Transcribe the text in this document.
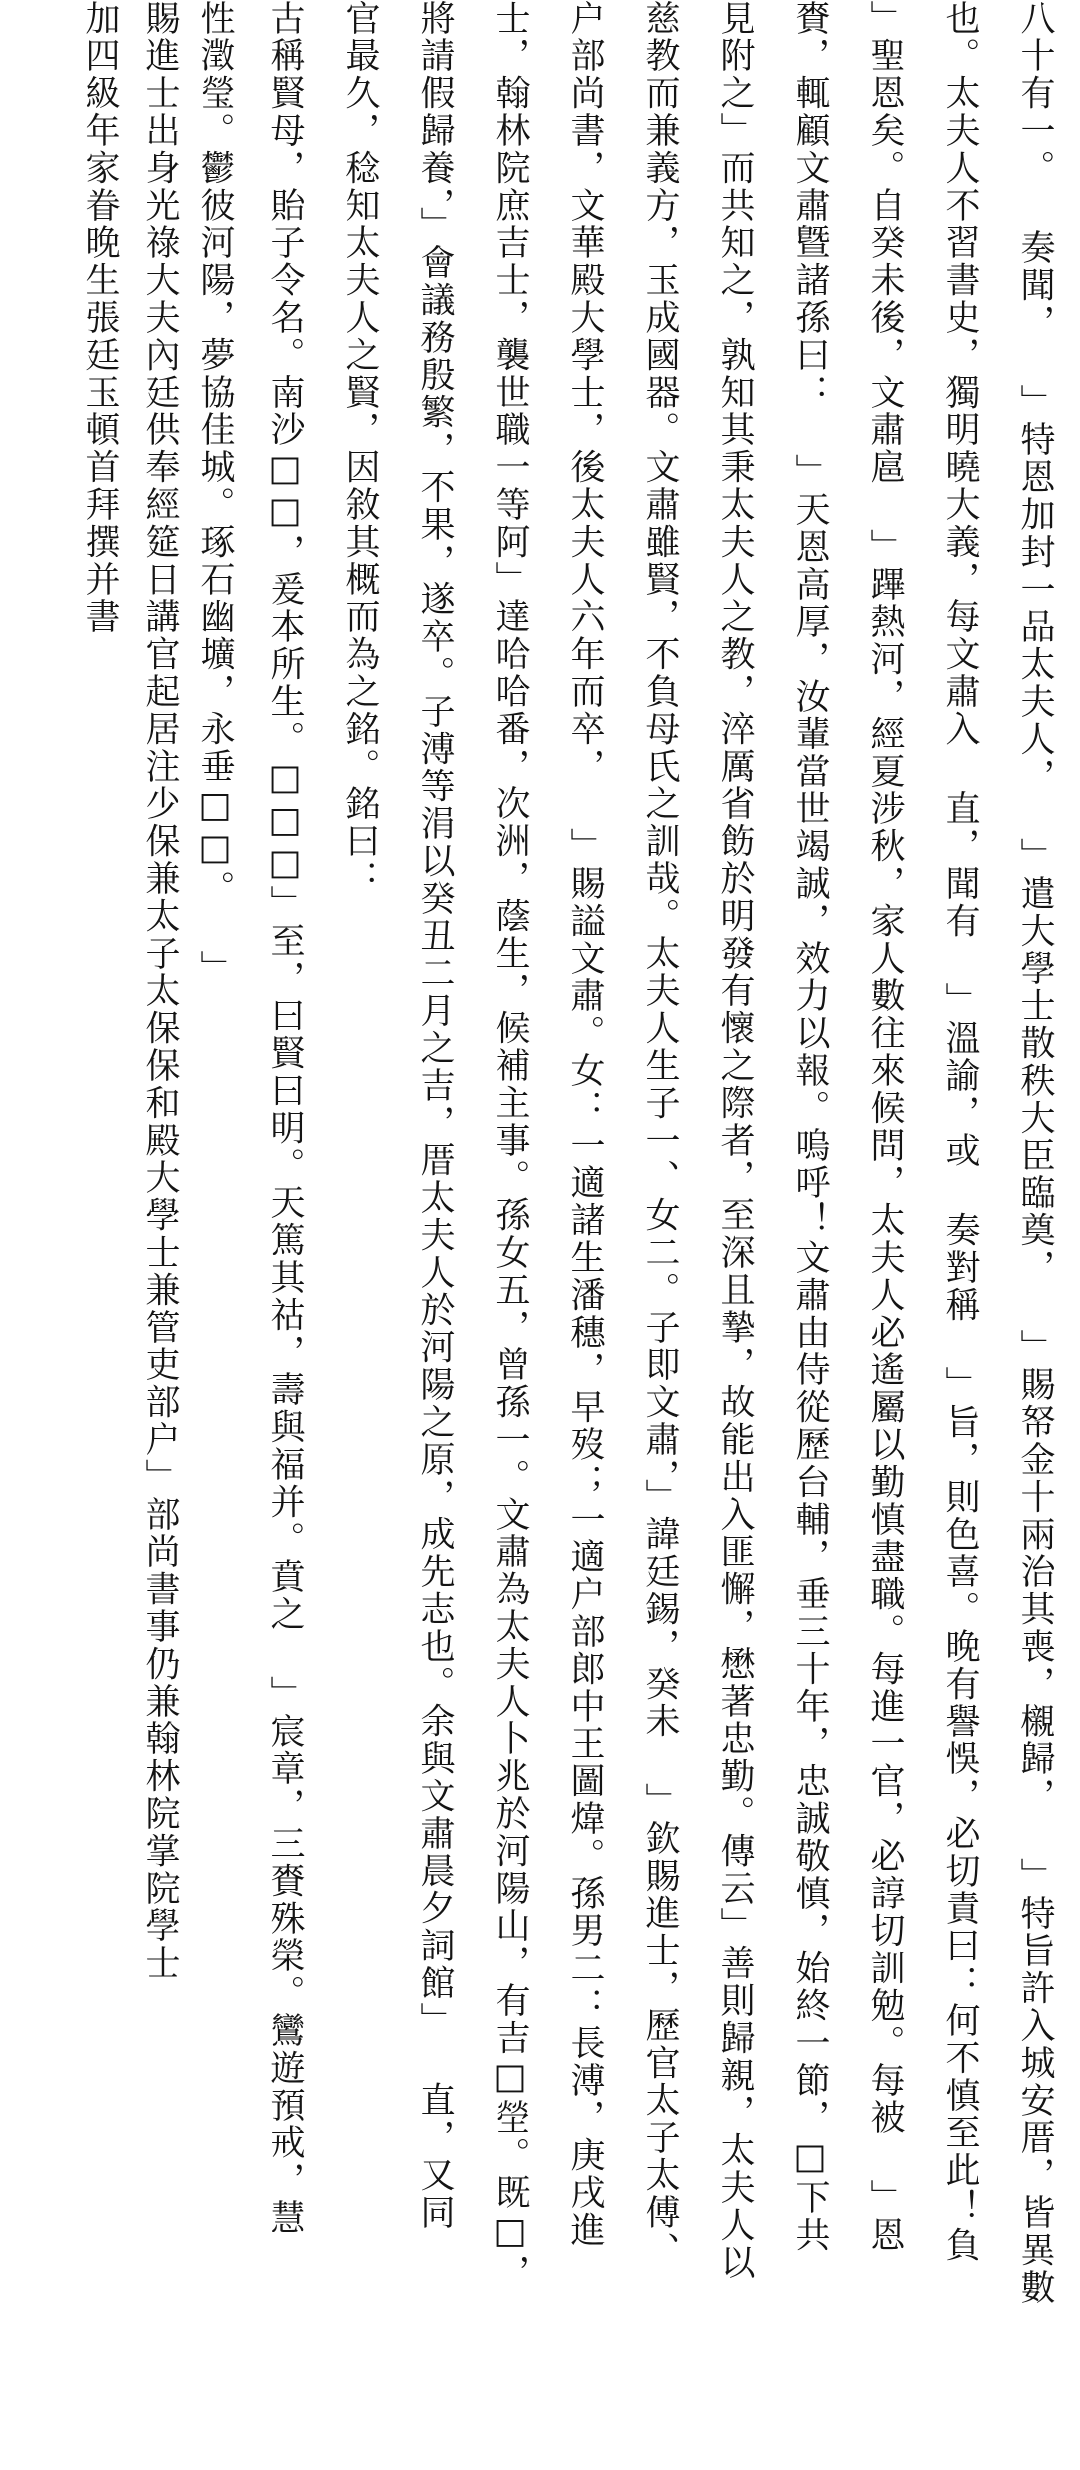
八十有一。 奏聞， 」特恩加封一品太夫人， 」遣大學士散秩大臣臨奠， 」賜帑金十兩治其喪，櫬歸， 」特旨許入城安厝，皆異數
也。太夫人不習書史，獨明曉大義，每文肅入 直，聞有 」溫諭，或 奏對稱 」旨，則色喜。晚有譽悞，必切責曰：何不慎至此！負
」聖恩矣。自癸未後，文肅扈 」蹕熱河，經夏涉秋，家人數往來候問，太夫人必遙屬以勤慎盡職。每進一官，必諄切訓勉。每被 」恩
賚，輒顧文肅曁諸孫曰： 」天恩高厚，汝輩當世竭誠，效力以報。嗚呼！文肅由侍從歷台輔，垂三十年，忠誠敬慎，始終一節，□下共
見附之」而共知之，孰知其秉太夫人之教，淬厲省飭於明發有懷之際者，至深且摯，故能出入匪懈，懋著忠勤。傳云」善則歸親，太夫人以
慈教而兼義方，玉成國器。文肅雖賢，不負母氏之訓哉。太夫人生子一、女二。子即文肅，」諱廷錫，癸未 」欽賜進士，歷官太子太傅、
户部尚書，文華殿大學士，後太夫人六年而卒， 」賜謚文肅。女：一適諸生潘穗，早歿；一適户部郎中王圖煒。孫男二：長溥，庚戌進
士，翰林院庶吉士，襲世職一等阿」達哈哈番，次洲，蔭生，候補主事。孫女五，曾孫一。文肅為太夫人卜兆於河陽山，有吉□塋。既□，
將請假歸養，」會議務殷繁，不果，遂卒。子溥等涓以癸丑二月之吉，厝太夫人於河陽之原，成先志也。余與文肅晨夕詞館」 直，又同
官最久，稔知太夫人之賢，因敘其概而為之銘。銘曰：
古稱賢母，貽子令名。南沙□□，爰本所生。□□□」至，曰賢曰明。天篤其祜，壽與福并。賁之 」宸章，三賚殊榮。鸞遊預戒，慧
性澂瑩。鬱彼河陽，夢協佳城。琢石幽壙，永垂□□。 」
賜進士出身光祿大夫內廷供奉經筵日講官起居注少保兼太子太保保和殿大學士兼管吏部户」部尚書事仍兼翰林院掌院學士
加四級年家眷晚生張廷玉頓首拜撰并書
